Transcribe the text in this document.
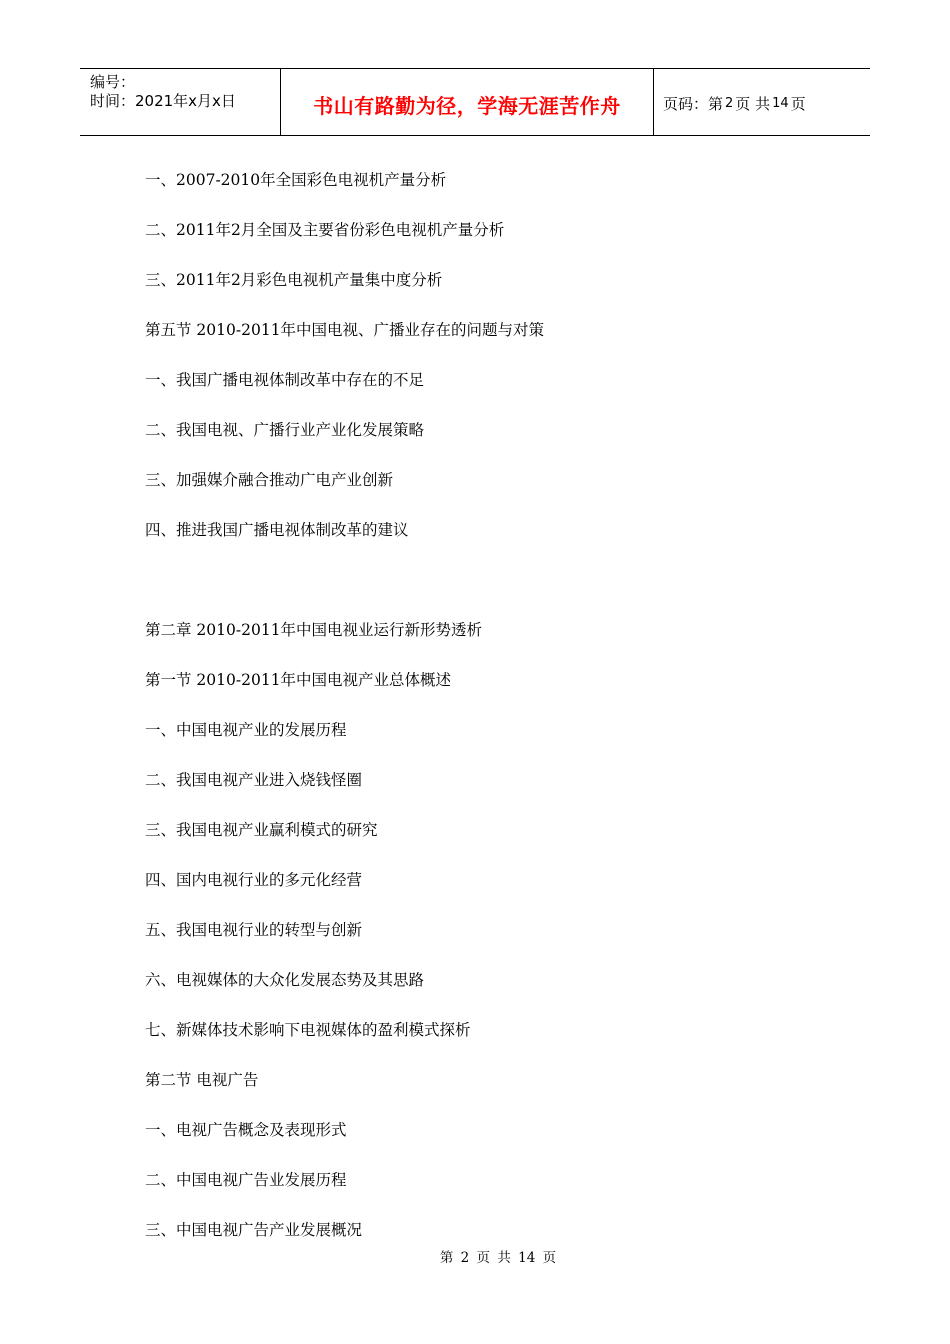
编号：
时间：2021年x月x日	书山有路勤为径，学海无涯苦作舟	页码：第 2 页 共 14 页
一、2007-2010年全国彩色电视机产量分析
二、2011年2月全国及主要省份彩色电视机产量分析
三、2011年2月彩色电视机产量集中度分析
第五节 2010-2011年中国电视、广播业存在的问题与对策
一、我国广播电视体制改革中存在的不足
二、我国电视、广播行业产业化发展策略
三、加强媒介融合推动广电产业创新
四、推进我国广播电视体制改革的建议
第二章 2010-2011年中国电视业运行新形势透析
第一节 2010-2011年中国电视产业总体概述
一、中国电视产业的发展历程
二、我国电视产业进入烧钱怪圈
三、我国电视产业赢利模式的研究
四、国内电视行业的多元化经营
五、我国电视行业的转型与创新
六、电视媒体的大众化发展态势及其思路
七、新媒体技术影响下电视媒体的盈利模式探析
第二节 电视广告
一、电视广告概念及表现形式
二、中国电视广告业发展历程
三、中国电视广告产业发展概况
第 2 页 共 14 页
